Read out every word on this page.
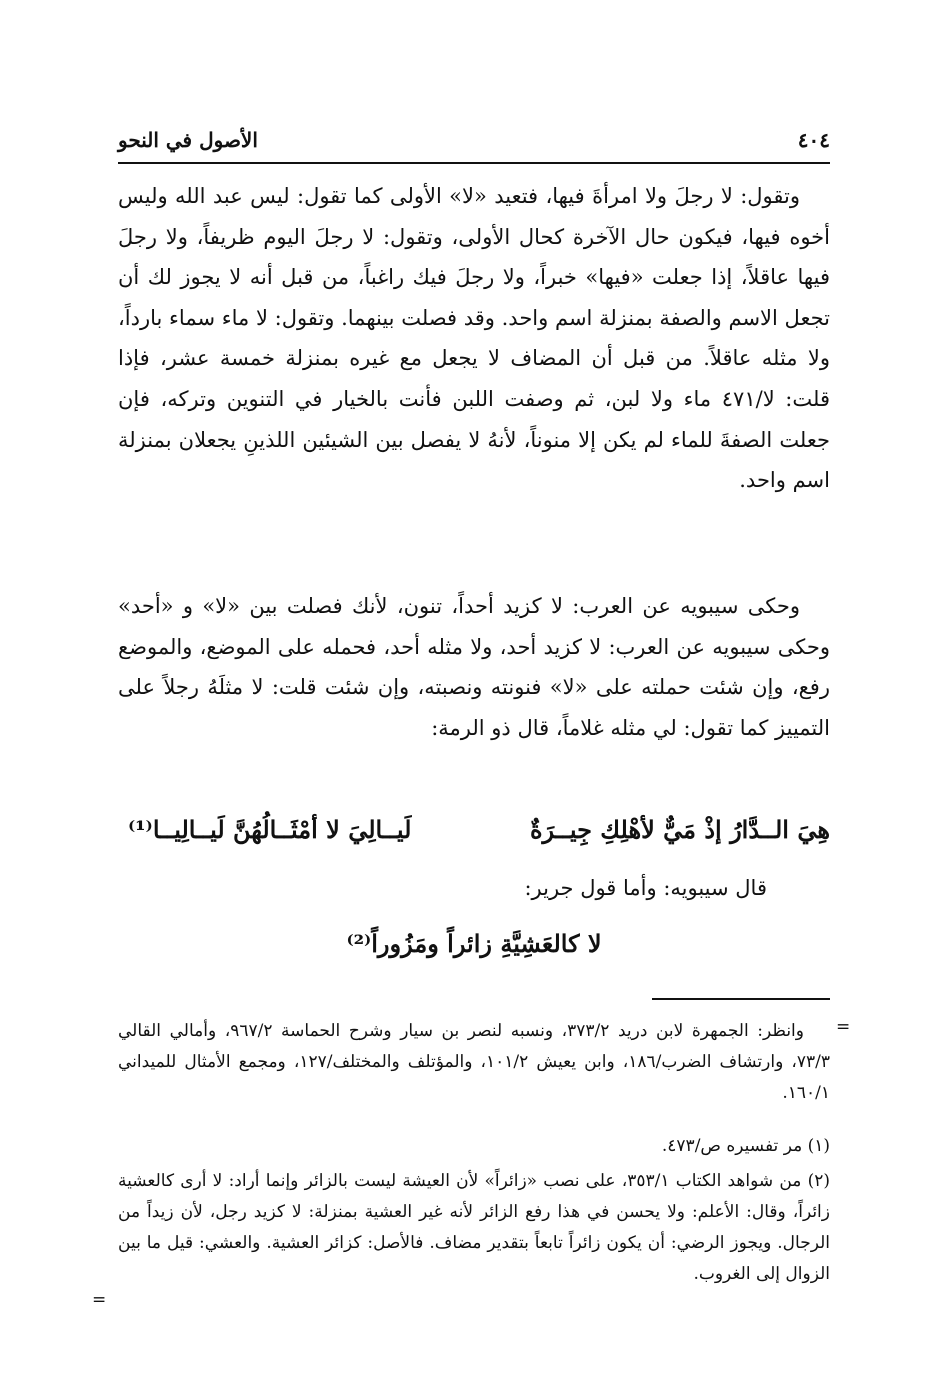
٤٠٤
الأصول في النحو
وتقول: لا رجلَ ولا امرأةَ فيها، فتعيد «لا» الأولى كما تقول: ليس عبد الله وليس أخوه فيها، فيكون حال الآخرة كحال الأولى، وتقول: لا رجلَ اليوم ظريفاً، ولا رجلَ فيها عاقلاً، إذا جعلت «فيها» خبراً، ولا رجلَ فيك راغباً، من قبل أنه لا يجوز لك أن تجعل الاسم والصفة بمنزلة اسم واحد. وقد فصلت بينهما. وتقول: لا ماء سماء بارداً، ولا مثله عاقلاً. من قبل أن المضاف لا يجعل مع غيره بمنزلة خمسة عشر، فإذا قلت: لا/٤٧١ ماء ولا لبن، ثم وصفت اللبن فأنت بالخيار في التنوين وتركه، فإن جعلت الصفةَ للماء لم يكن إلا منوناً، لأنهُ لا يفصل بين الشيئين اللذينِ يجعلان بمنزلة اسم واحد.
وحكى سيبويه عن العرب: لا كزيد أحداً، تنون، لأنك فصلت بين «لا» و «أحد» وحكى سيبويه عن العرب: لا كزيد أحد، ولا مثله أحد، فحمله على الموضع، والموضع رفع، وإن شئت حملته على «لا» فنونته ونصبته، وإن شئت قلت: لا مثلَهُ رجلاً على التمييز كما تقول: لي مثله غلاماً، قال ذو الرمة:
هِيَ الــدَّارُ إذْ مَيٌّ لأهْلِكِ جِيــرَةٌ
لَيــالِيَ لا أمْثَــالُهُنَّ لَيــالِيــا⁽¹⁾
قال سيبويه: وأما قول جرير:
لا كالعَشِيَّةِ زائراً ومَزُوراً⁽²⁾
=
وانظر: الجمهرة لابن دريد ٣٧٣/٢، ونسبه لنصر بن سيار وشرح الحماسة ٩٦٧/٢، وأمالي القالي ٧٣/٣، وارتشاف الضرب/١٨٦، وابن يعيش ١٠١/٢، والمؤتلف والمختلف/١٢٧، ومجمع الأمثال للميداني ١٦٠/١.
(١) مر تفسيره ص/٤٧٣.
(٢) من شواهد الكتاب ٣٥٣/١، على نصب «زائراً» لأن العيشة ليست بالزائر وإنما أراد: لا أرى كالعشية زائراً، وقال: الأعلم: ولا يحسن في هذا رفع الزائر لأنه غير العشية بمنزلة: لا كزيد رجل، لأن زيداً من الرجال. ويجوز الرضي: أن يكون زائراً تابعاً بتقدير مضاف. فالأصل: كزائر العشية. والعشي: قيل ما بين الزوال إلى الغروب.
=
